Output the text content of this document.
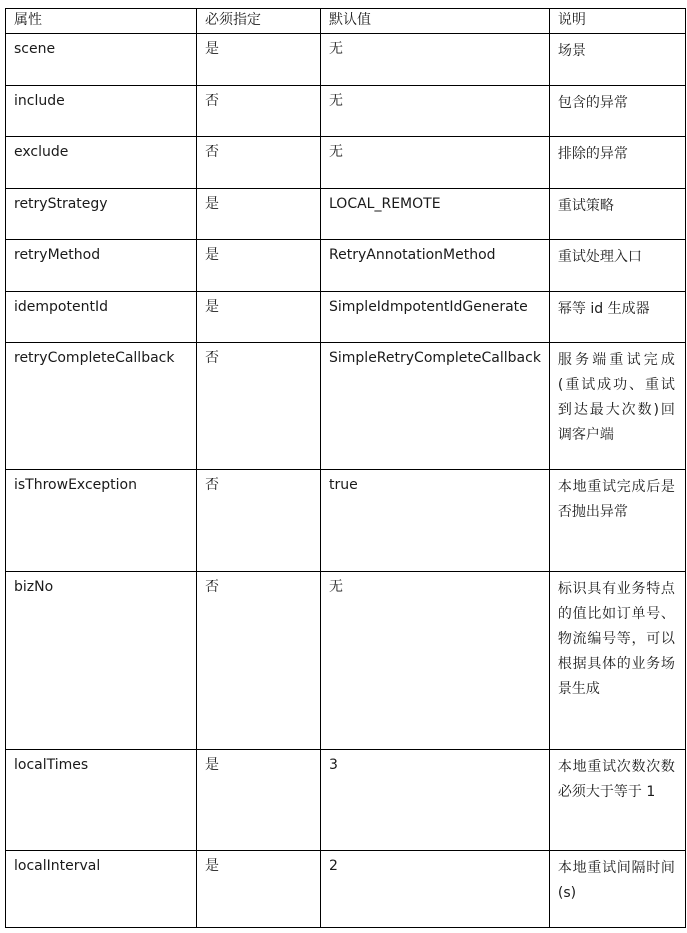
属性	必须指定	默认值	说明
scene	是	无	场景
include	否	无	包含的异常
exclude	否	无	排除的异常
retryStrategy	是	LOCAL_REMOTE	重试策略
retryMethod	是	RetryAnnotationMethod	重试处理入口
idempotentId	是	SimpleIdmpotentIdGenerate	幂等 id 生成器
retryCompleteCallback	否	SimpleRetryCompleteCallback	服务端重试完成(重试成功、重试到达最大次数)回调客户端
isThrowException	否	true	本地重试完成后是否抛出异常
bizNo	否	无	标识具有业务特点的值比如订单号、物流编号等，可以根据具体的业务场景生成
localTimes	是	3	本地重试次数次数必须大于等于 1
localInterval	是	2	本地重试间隔时间(s)
